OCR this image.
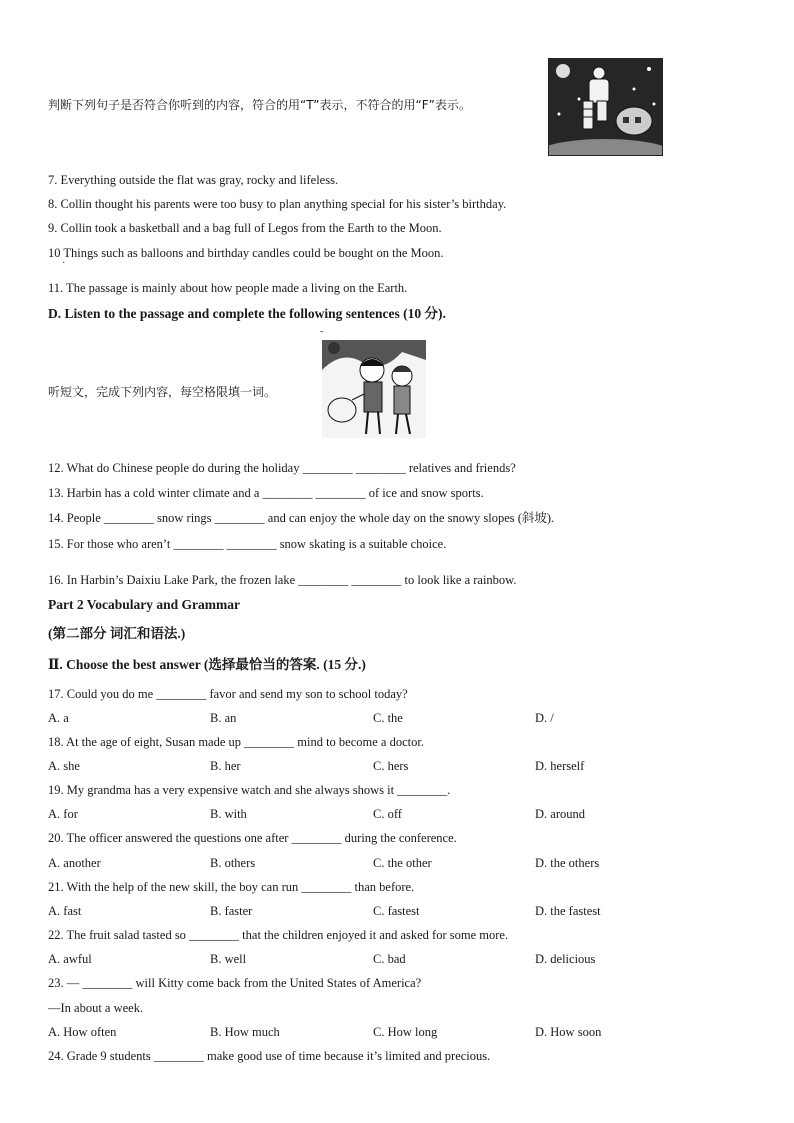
判断下列句子是否符合你听到的内容，符合的用“T”表示，不符合的用“F”表示。
7. Everything outside the flat was gray, rocky and lifeless.
8. Collin thought his parents were too busy to plan anything special for his sister’s birthday.
9. Collin took a basketball and a bag full of Legos from the Earth to the Moon.
10 Things such as balloons and birthday candles could be bought on the Moon.
·
11. The passage is mainly about how people made a living on the Earth.
D. Listen to the passage and complete the following sentences (10 分).
-
听短文，完成下列内容，每空格限填一词。
12. What do Chinese people do during the holiday ________ ________ relatives and friends?
13. Harbin has a cold winter climate and a ________ ________ of ice and snow sports.
14. People ________ snow rings ________ and can enjoy the whole day on the snowy slopes (斜坡).
15. For those who aren’t ________ ________ snow skating is a suitable choice.
16. In Harbin’s Daixiu Lake Park, the frozen lake ________ ________ to look like a rainbow.
Part 2 Vocabulary and Grammar
(第二部分 词汇和语法.)
Ⅱ. Choose the best answer (选择最恰当的答案. (15 分.)
17. Could you do me ________ favor and send my son to school today?
A. a	B. an	C. the	D. /
18. At the age of eight, Susan made up ________ mind to become a doctor.
A. she	B. her	C. hers	D. herself
19. My grandma has a very expensive watch and she always shows it ________.
A. for	B. with	C. off	D. around
20. The officer answered the questions one after ________ during the conference.
A. another	B. others	C. the other	D. the others
21. With the help of the new skill, the boy can run ________ than before.
A. fast	B. faster	C. fastest	D. the fastest
22. The fruit salad tasted so ________ that the children enjoyed it and asked for some more.
A. awful	B. well	C. bad	D. delicious
23. — ________ will Kitty come back from the United States of America?
—In about a week.
A. How often	B. How much	C. How long	D. How soon
24. Grade 9 students ________ make good use of time because it’s limited and precious.
